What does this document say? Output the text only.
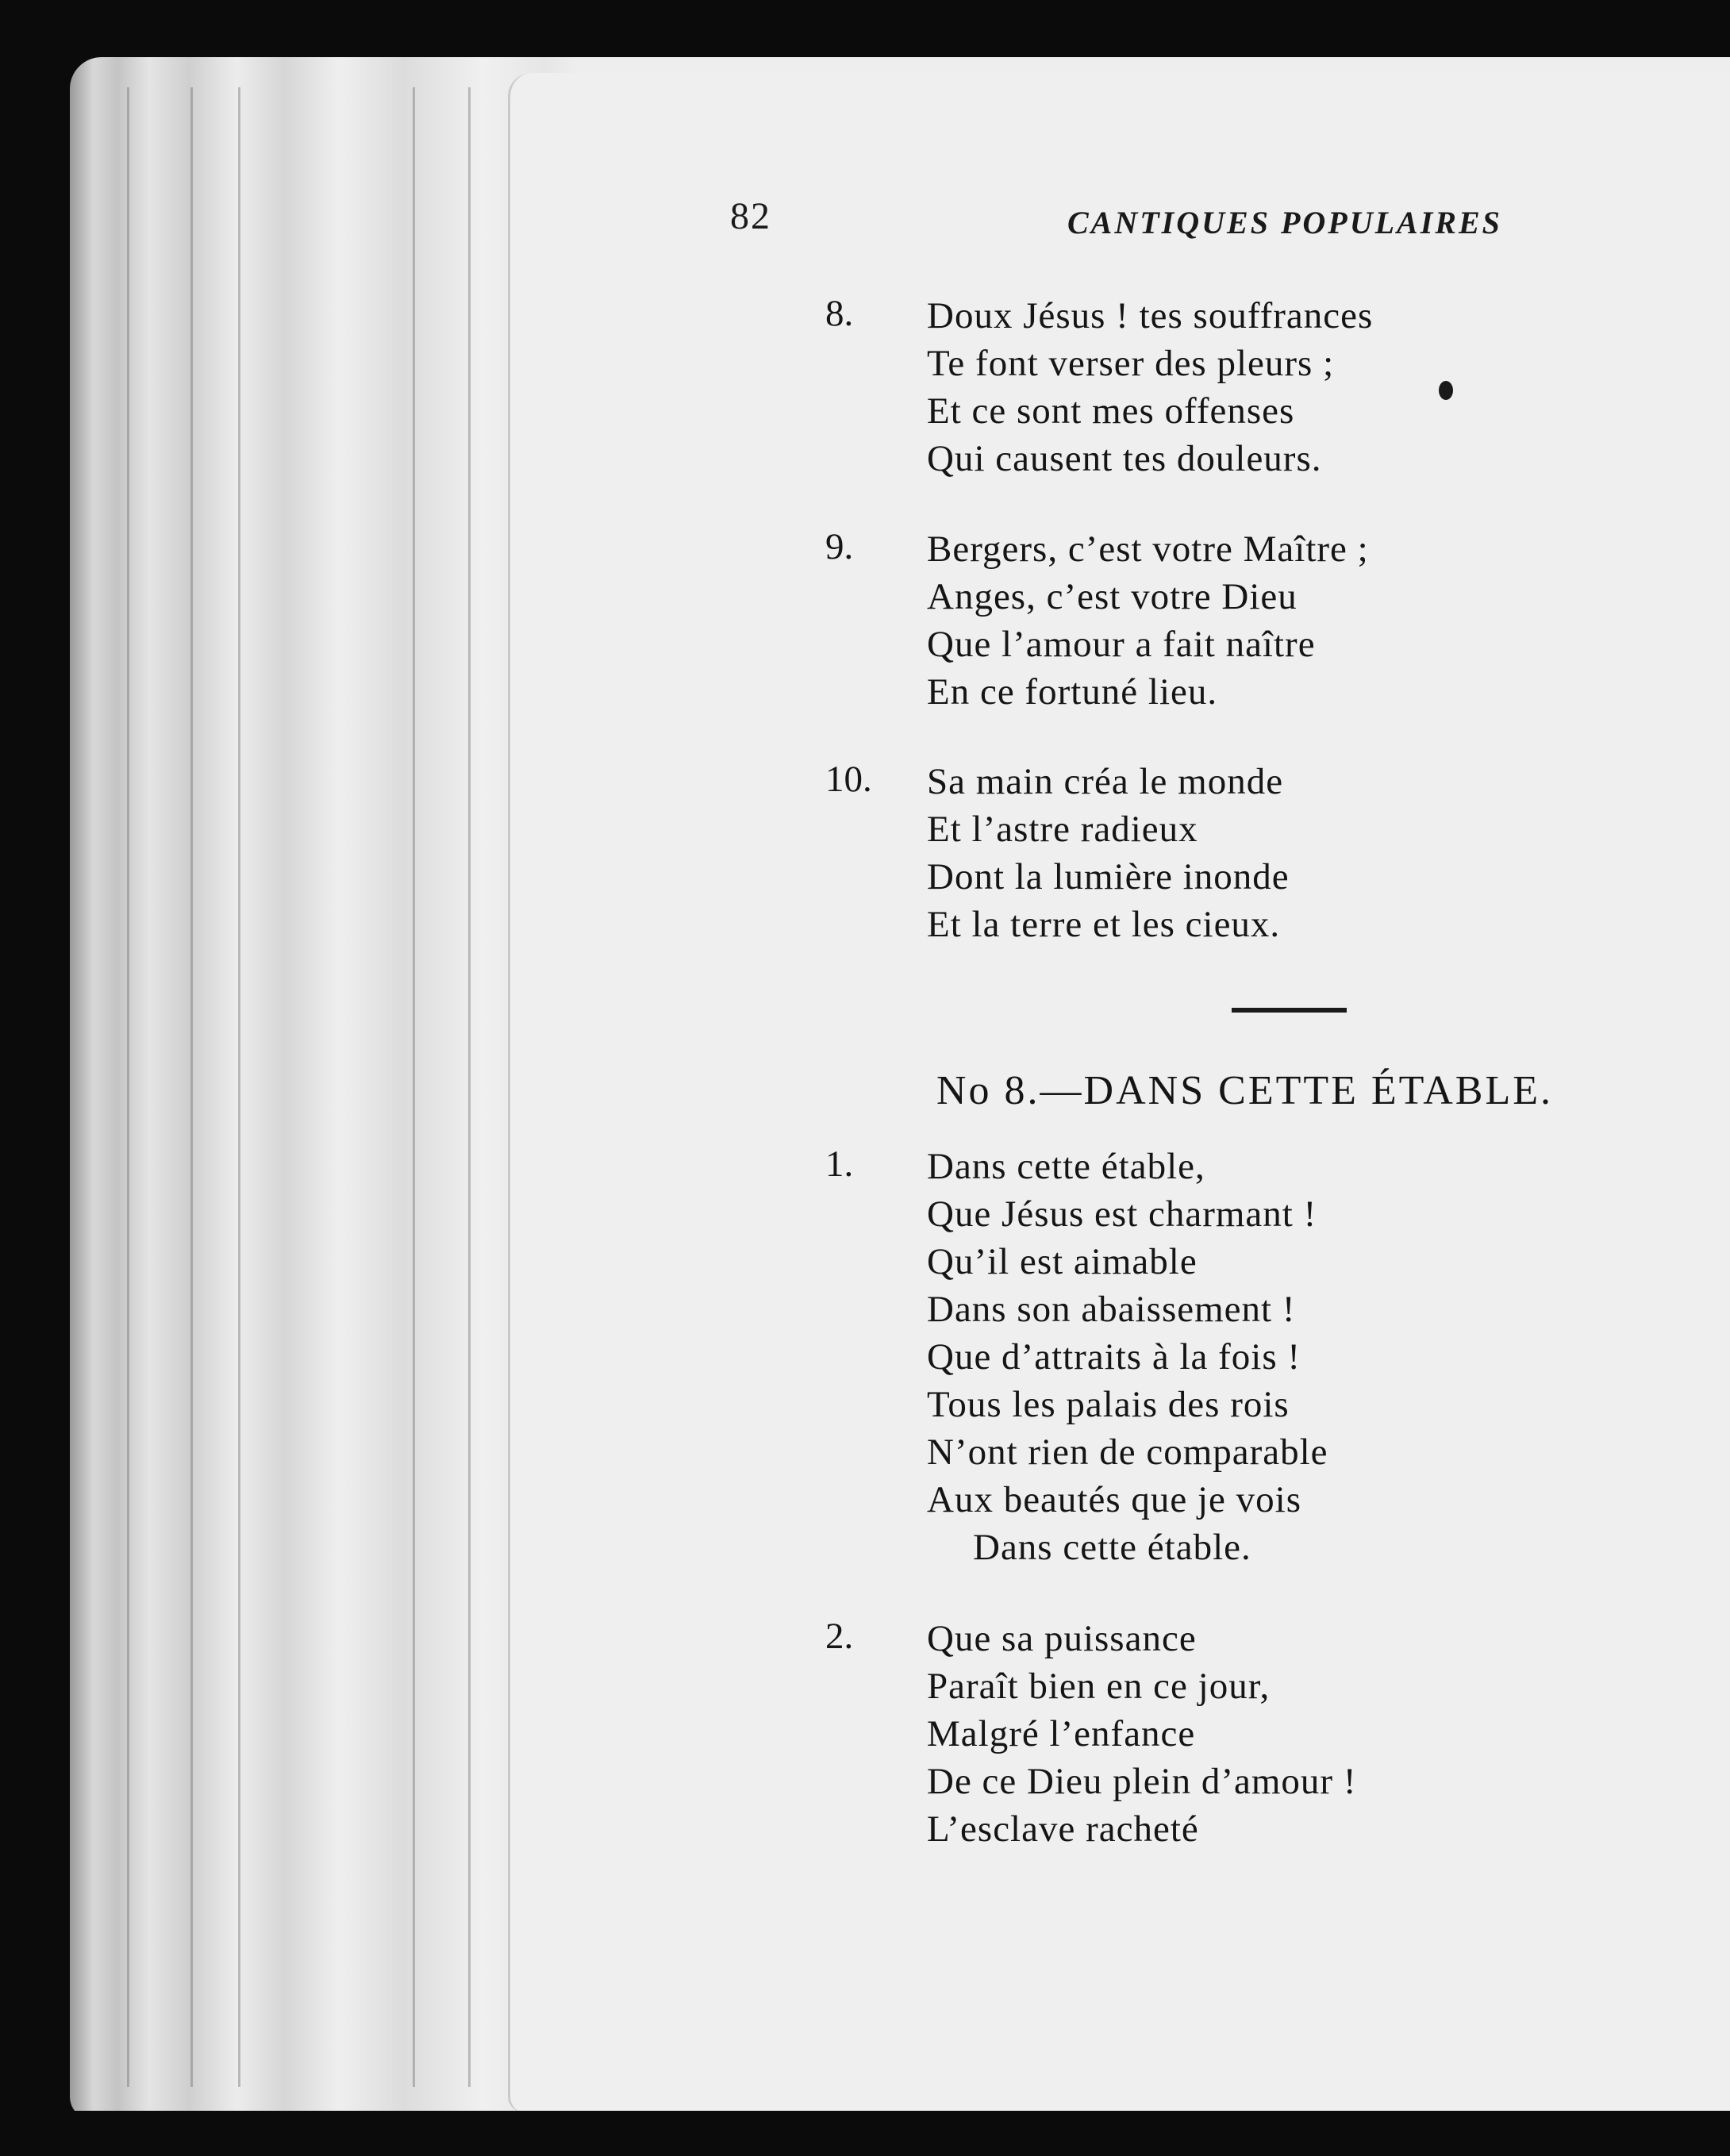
82	CANTIQUES POPULAIRES
8. Doux Jésus ! tes souffrances
Te font verser des pleurs ;
Et ce sont mes offenses
Qui causent tes douleurs.
9. Bergers, c’est votre Maître ;
Anges, c’est votre Dieu
Que l’amour a fait naître
En ce fortuné lieu.
10. Sa main créa le monde
Et l’astre radieux
Dont la lumière inonde
Et la terre et les cieux.
No 8.—DANS CETTE ÉTABLE.
1. Dans cette étable,
Que Jésus est charmant !
Qu’il est aimable
Dans son abaissement !
Que d’attraits à la fois !
Tous les palais des rois
N’ont rien de comparable
Aux beautés que je vois
Dans cette étable.
2. Que sa puissance
Paraît bien en ce jour,
Malgré l’enfance
De ce Dieu plein d’amour !
L’esclave racheté
